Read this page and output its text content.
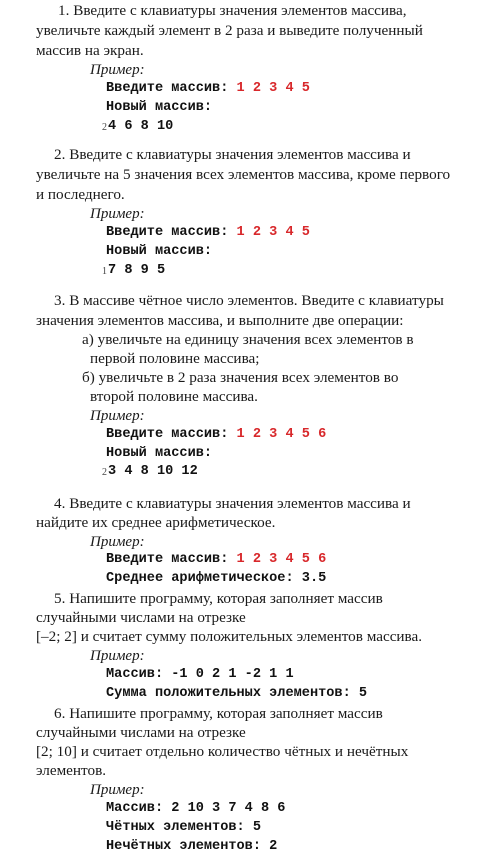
1. Введите с клавиатуры значения элементов массива,
увеличьте каждый элемент в 2 раза и выведите полученный
массив на экран.
Пример:
Введите массив: 1 2 3 4 5
Новый массив:
24 6 8 10
2. Введите с клавиатуры значения элементов массива и
увеличьте на 5 значения всех элементов массива, кроме первого
и последнего.
Пример:
Введите массив: 1 2 3 4 5
Новый массив:
17 8 9 5
3. В массиве чётное число элементов. Введите с клавиатуры
значения элементов массива, и выполните две операции:
а) увеличьте на единицу значения всех элементов в
первой половине массива;
б) увеличьте в 2 раза значения всех элементов во
второй половине массива.
Пример:
Введите массив: 1 2 3 4 5 6
Новый массив:
23 4 8 10 12
4. Введите с клавиатуры значения элементов массива и
найдите их среднее арифметическое.
Пример:
Введите массив: 1 2 3 4 5 6
Среднее арифметическое: 3.5
5. Напишите программу, которая заполняет массив
случайными числами на отрезке
[–2; 2] и считает сумму положительных элементов массива.
Пример:
Массив: -1 0 2 1 -2 1 1
Сумма положительных элементов: 5
6. Напишите программу, которая заполняет массив
случайными числами на отрезке
[2; 10] и считает отдельно количество чётных и нечётных
элементов.
Пример:
Массив: 2 10 3 7 4 8 6
Чётных элементов: 5
Нечётных элементов: 2
